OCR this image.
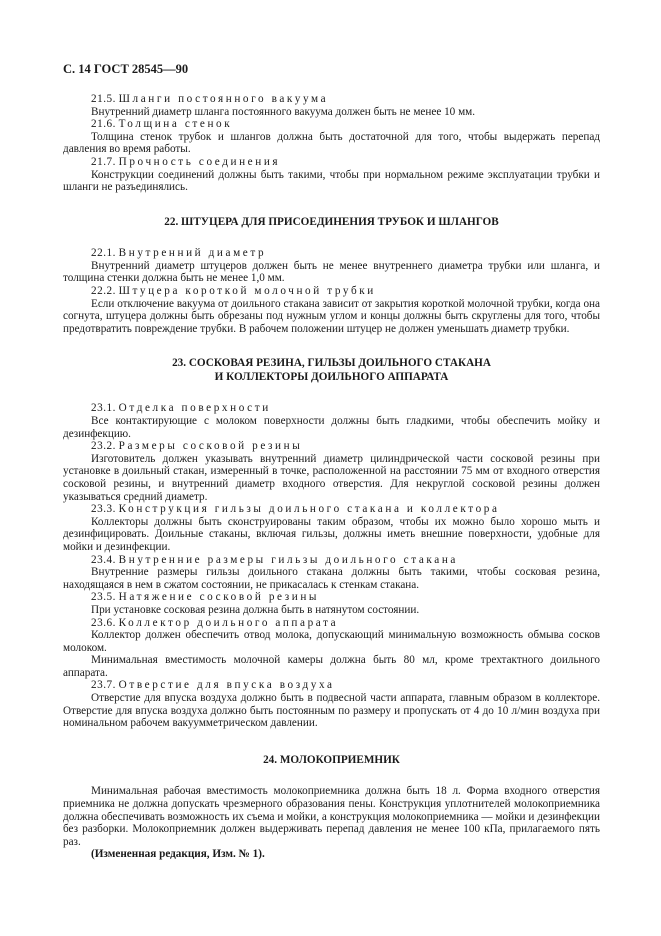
С. 14 ГОСТ 28545—90

21.5. Шланги постоянного вакуума

Внутренний диаметр шланга постоянного вакуума должен быть не менее 10 мм.

21.6. Толщина стенок

Толщина стенок трубок и шлангов должна быть достаточной для того, чтобы выдержать перепад давления во время работы.

21.7. Прочность соединения

Конструкции соединений должны быть такими, чтобы при нормальном режиме эксплуатации трубки и шланги не разъединялись.

22. ШТУЦЕРА ДЛЯ ПРИСОЕДИНЕНИЯ ТРУБОК И ШЛАНГОВ

22.1. Внутренний диаметр

Внутренний диаметр штуцеров должен быть не менее внутреннего диаметра трубки или шланга, и толщина стенки должна быть не менее 1,0 мм.

22.2. Штуцера короткой молочной трубки

Если отключение вакуума от доильного стакана зависит от закрытия короткой молочной трубки, когда она согнута, штуцера должны быть обрезаны под нужным углом и концы должны быть скруглены для того, чтобы предотвратить повреждение трубки. В рабочем положении штуцер не должен уменьшать диаметр трубки.

23. СОСКОВАЯ РЕЗИНА, ГИЛЬЗЫ ДОИЛЬНОГО СТАКАНА

И КОЛЛЕКТОРЫ ДОИЛЬНОГО АППАРАТА

23.1. Отделка поверхности

Все контактирующие с молоком поверхности должны быть гладкими, чтобы обеспечить мойку и дезинфекцию.

23.2. Размеры сосковой резины

Изготовитель должен указывать внутренний диаметр цилиндрической части сосковой резины при установке в доильный стакан, измеренный в точке, расположенной на расстоянии 75 мм от входного отверстия сосковой резины, и внутренний диаметр входного отверстия. Для некруглой сосковой резины должен указываться средний диаметр.

23.3. Конструкция гильзы доильного стакана и коллектора

Коллекторы должны быть сконструированы таким образом, чтобы их можно было хорошо мыть и дезинфицировать. Доильные стаканы, включая гильзы, должны иметь внешние поверхности, удобные для мойки и дезинфекции.

23.4. Внутренние размеры гильзы доильного стакана

Внутренние размеры гильзы доильного стакана должны быть такими, чтобы сосковая резина, находящаяся в нем в сжатом состоянии, не прикасалась к стенкам стакана.

23.5. Натяжение сосковой резины

При установке сосковая резина должна быть в натянутом состоянии.

23.6. Коллектор доильного аппарата

Коллектор должен обеспечить отвод молока, допускающий минимальную возможность обмыва сосков молоком.

Минимальная вместимость молочной камеры должна быть 80 мл, кроме трехтактного доильного аппарата.

23.7. Отверстие для впуска воздуха

Отверстие для впуска воздуха должно быть в подвесной части аппарата, главным образом в коллекторе. Отверстие для впуска воздуха должно быть постоянным по размеру и пропускать от 4 до 10 л/мин воздуха при номинальном рабочем вакуумметрическом давлении.

24. МОЛОКОПРИЕМНИК

Минимальная рабочая вместимость молокоприемника должна быть 18 л. Форма входного отверстия приемника не должна допускать чрезмерного образования пены. Конструкция уплотнителей молокоприемника должна обеспечивать возможность их съема и мойки, а конструкция молокоприемника — мойки и дезинфекции без разборки. Молокоприемник должен выдерживать перепад давления не менее 100 кПа, прилагаемого пять раз.

(Измененная редакция, Изм. № 1).
